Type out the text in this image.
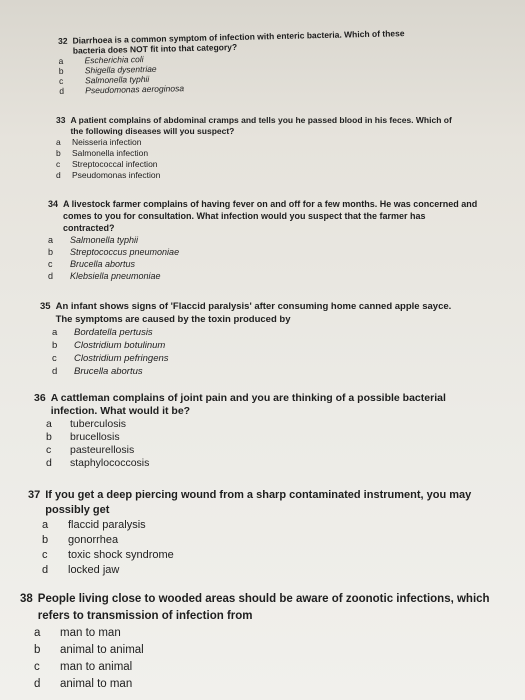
32 Diarrhoea is a common symptom of infection with enteric bacteria. Which of these bacteria does NOT fit into that category?
a	Escherichia coli
b	Shigella dysentriae
c	Salmonella typhii
d	Pseudomonas aeroginosa
33 A patient complains of abdominal cramps and tells you he passed blood in his feces. Which of the following diseases will you suspect?
a	Neisseria infection
b	Salmonella infection
c	Streptococcal infection
d	Pseudomonas infection
34 A livestock farmer complains of having fever on and off for a few months. He was concerned and comes to you for consultation. What infection would you suspect that the farmer has contracted?
a	Salmonella typhii
b	Streptococcus pneumoniae
c	Brucella abortus
d	Klebsiella pneumoniae
35 An infant shows signs of 'Flaccid paralysis' after consuming home canned apple sayce. The symptoms are caused by the toxin produced by
a	Bordatella pertusis
b	Clostridium botulinum
c	Clostridium pefringens
d	Brucella abortus
36 A cattleman complains of joint pain and you are thinking of a possible bacterial infection. What would it be?
a	tuberculosis
b	brucellosis
c	pasteurellosis
d	staphylococcosis
37 If you get a deep piercing wound from a sharp contaminated instrument, you may possibly get
a	flaccid paralysis
b	gonorrhea
c	toxic shock syndrome
d	locked jaw
38 People living close to wooded areas should be aware of zoonotic infections, which refers to transmission of infection from
a	man to man
b	animal to animal
c	man to animal
d	animal to man
